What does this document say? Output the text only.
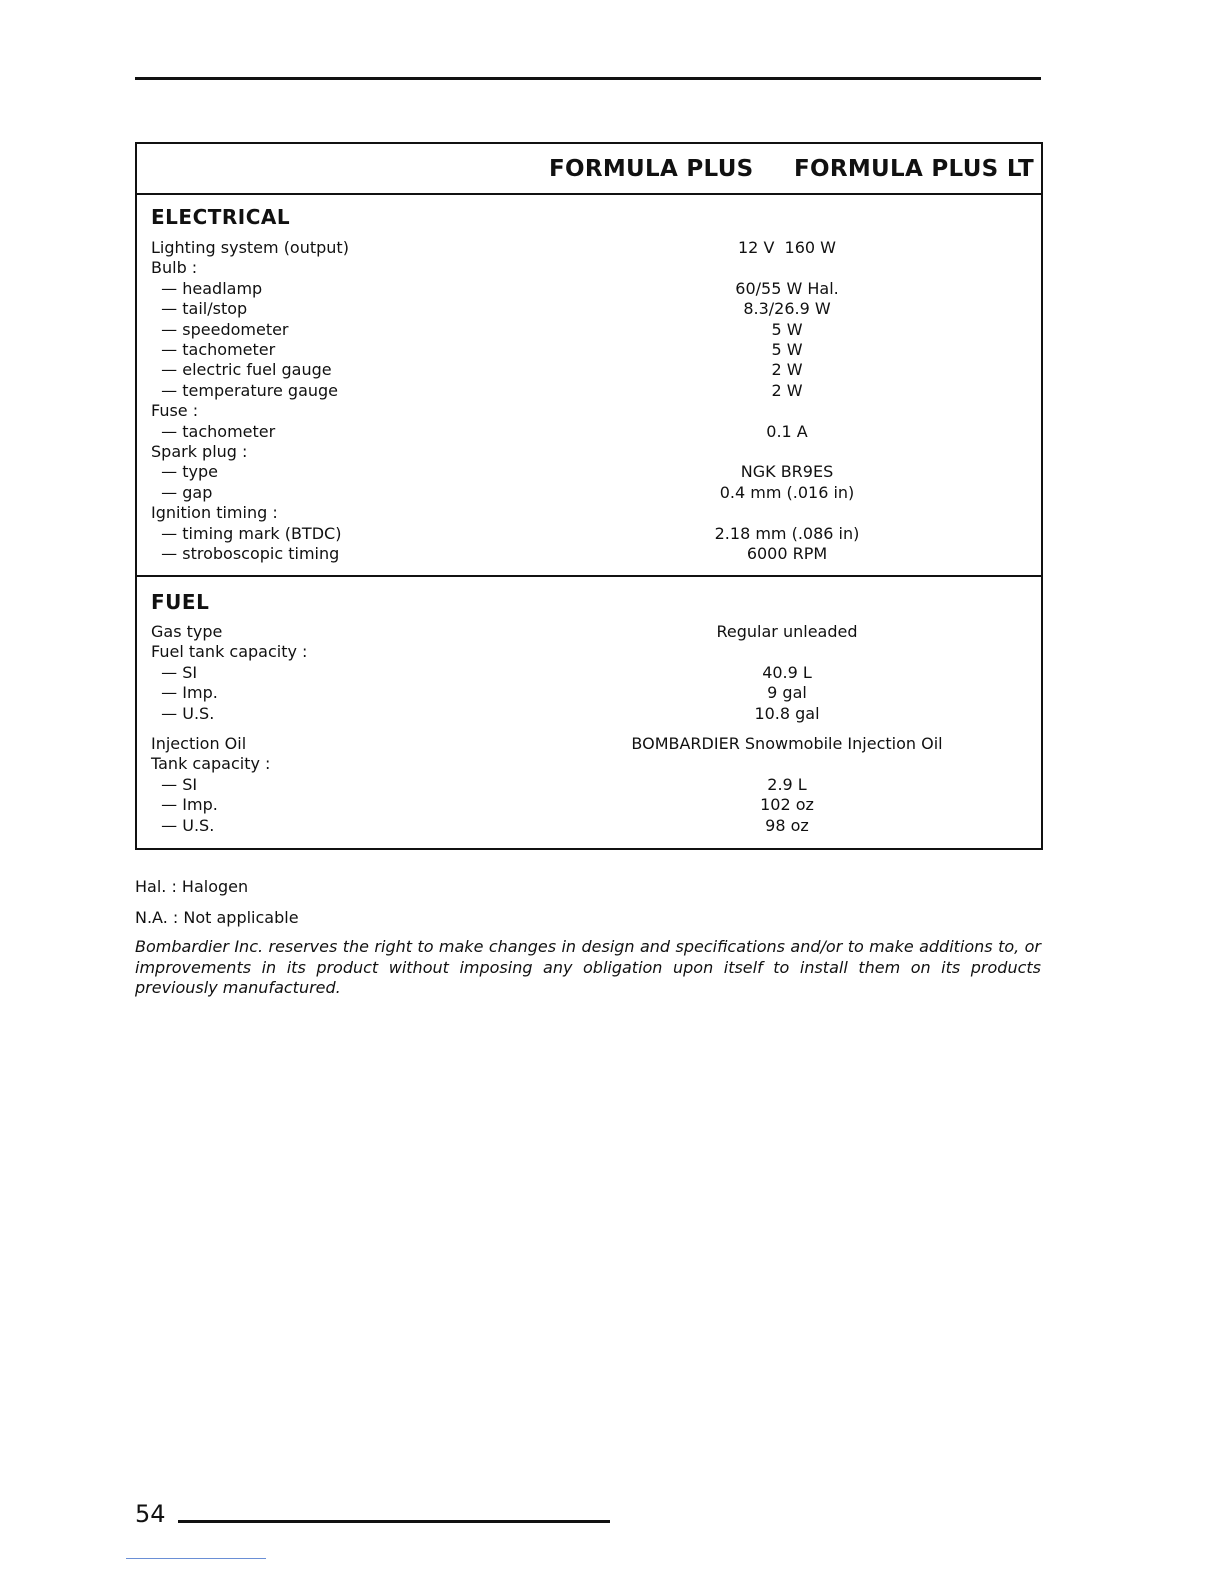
FORMULA PLUS FORMULA PLUS LT
ELECTRICAL
Lighting system (output)	12 V  160 W
Bulb :
— headlamp	60/55 W Hal.
— tail/stop	8.3/26.9 W
— speedometer	5 W
— tachometer	5 W
— electric fuel gauge	2 W
— temperature gauge	2 W
Fuse :
— tachometer	0.1 A
Spark plug :
— type	NGK BR9ES
— gap	0.4 mm (.016 in)
Ignition timing :
— timing mark (BTDC)	2.18 mm (.086 in)
— stroboscopic timing	6000 RPM
FUEL
Gas type	Regular unleaded
Fuel tank capacity :
— SI	40.9 L
— Imp.	9 gal
— U.S.	10.8 gal
Injection Oil	BOMBARDIER Snowmobile Injection Oil
Tank capacity :
— SI	2.9 L
— Imp.	102 oz
— U.S.	98 oz
Hal. : Halogen
N.A. : Not applicable
Bombardier Inc. reserves the right to make changes in design and specifications and/or to make additions to, or improvements in its product without imposing any obligation upon itself to install them on its products previously manufactured.
54
